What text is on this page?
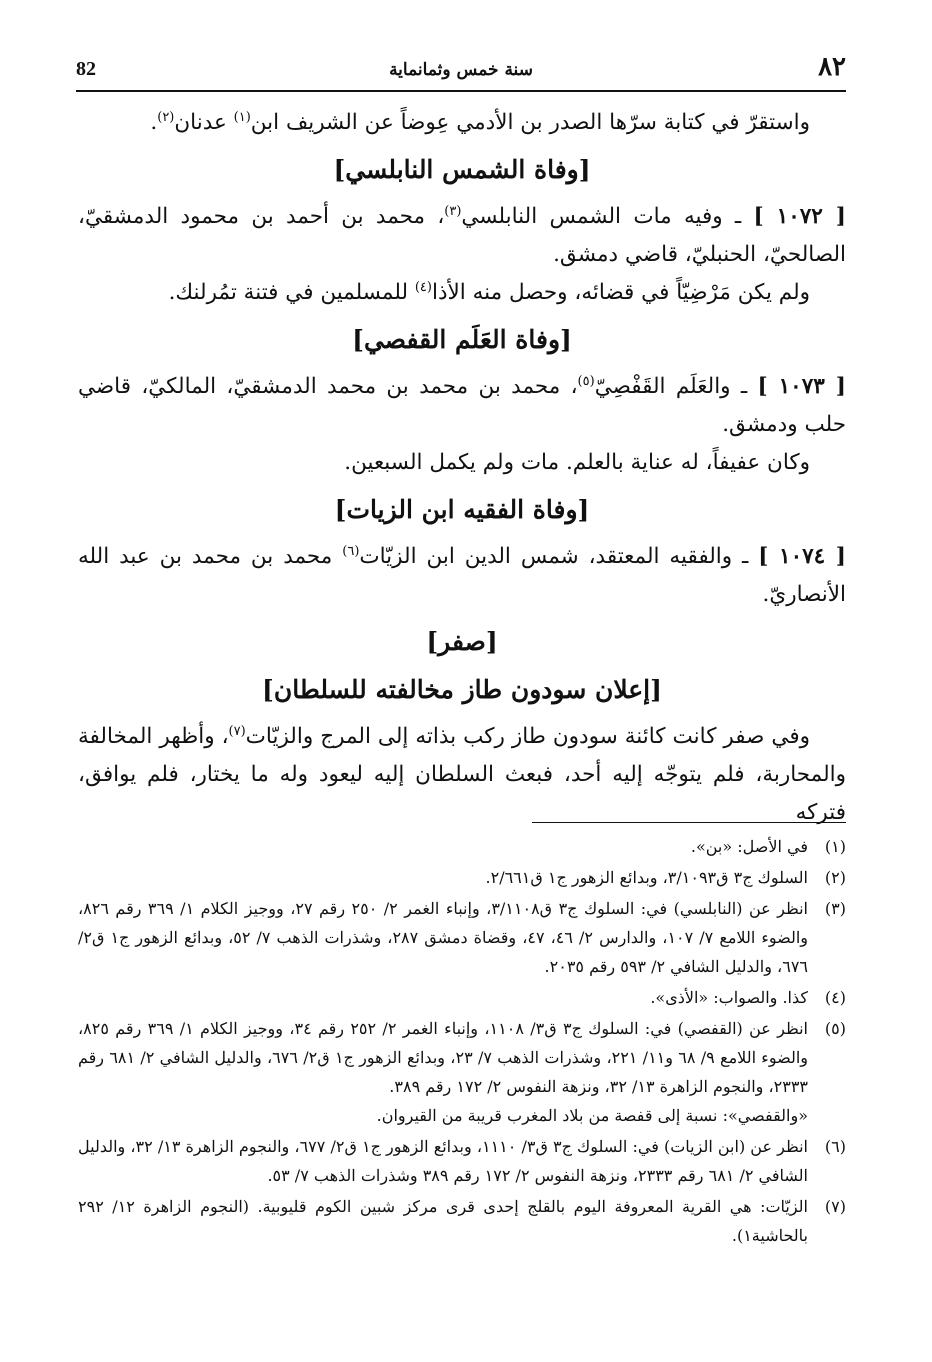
٨٢
سنة خمس وثمانماية
82

واستقرّ في كتابة سرّها الصدر بن الأدمي عِوضاً عن الشريف ابن$^{(١)}$ عدنان$^{(٢)}$.

[وفاة الشمس النابلسي]

[ ١٠٧٢ ] ـ وفيه مات الشمس النابلسي$^{(٣)}$، محمد بن أحمد بن محمود الدمشقيّ، الصالحيّ، الحنبليّ، قاضي دمشق.

ولم يكن مَرْضِيّاً في قضائه، وحصل منه الأذا$^{(٤)}$ للمسلمين في فتنة تمُرلنك.

[وفاة العَلَم القفصي]

[ ١٠٧٣ ] ـ والعَلَم القَفْصِيّ$^{(٥)}$، محمد بن محمد بن محمد الدمشقيّ، المالكيّ، قاضي حلب ودمشق.

وكان عفيفاً، له عناية بالعلم. مات ولم يكمل السبعين.

[وفاة الفقيه ابن الزيات]

[ ١٠٧٤ ] ـ والفقيه المعتقد، شمس الدين ابن الزيّات$^{(٦)}$ محمد بن محمد بن عبد الله الأنصاريّ.

[صفر]
[إعلان سودون طاز مخالفته للسلطان]

وفي صفر كانت كائنة سودون طاز ركب بذاته إلى المرج والزيّات$^{(٧)}$، وأظهر المخالفة والمحاربة، فلم يتوجّه إليه أحد، فبعث السلطان إليه ليعود وله ما يختار، فلم يوافق، فتركه

(١)
في الأصل: «بن».
(٢)
السلوك ج٣ ق٣/١٠٩٣، وبدائع الزهور ج١ ق٢/٦٦١.
(٣)
انظر عن (النابلسي) في: السلوك ج٣ ق٣/١١٠٨، وإنباء الغمر ٢/ ٢٥٠ رقم ٢٧، ووجيز الكلام ١/ ٣٦٩ رقم ٨٢٦، والضوء اللامع ٧/ ١٠٧، والدارس ٢/ ٤٦، ٤٧، وقضاة دمشق ٢٨٧، وشذرات الذهب ٧/ ٥٢، وبدائع الزهور ج١ ق٢/ ٦٧٦، والدليل الشافي ٢/ ٥٩٣ رقم ٢٠٣٥.
(٤)
كذا. والصواب: «الأذى».
(٥)
انظر عن (القفصي) في: السلوك ج٣ ق٣/ ١١٠٨، وإنباء الغمر ٢/ ٢٥٢ رقم ٣٤، ووجيز الكلام ١/ ٣٦٩ رقم ٨٢٥، والضوء اللامع ٩/ ٦٨ و١١/ ٢٢١، وشذرات الذهب ٧/ ٢٣، وبدائع الزهور ج١ ق٢/ ٦٧٦، والدليل الشافي ٢/ ٦٨١ رقم ٢٣٣٣، والنجوم الزاهرة ١٣/ ٣٢، ونزهة النفوس ٢/ ١٧٢ رقم ٣٨٩.
«والقفصي»: نسبة إلى قفصة من بلاد المغرب قريبة من القيروان.
(٦)
انظر عن (ابن الزيات) في: السلوك ج٣ ق٣/ ١١١٠، وبدائع الزهور ج١ ق٢/ ٦٧٧، والنجوم الزاهرة ١٣/ ٣٢، والدليل الشافي ٢/ ٦٨١ رقم ٢٣٣٣، ونزهة النفوس ٢/ ١٧٢ رقم ٣٨٩ وشذرات الذهب ٧/ ٥٣.
(٧)
الزيّات: هي القرية المعروفة اليوم بالقلج إحدى قرى مركز شبين الكوم قليوبية. (النجوم الزاهرة ١٢/ ٢٩٢ بالحاشية١).
